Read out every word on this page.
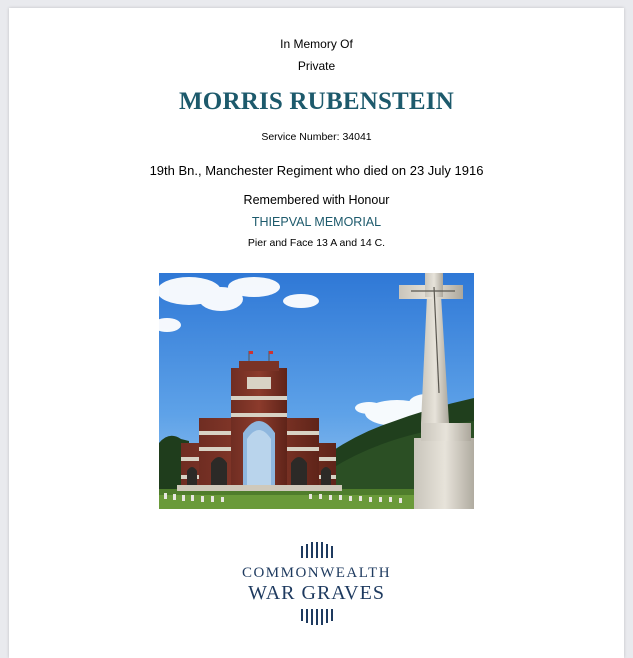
In Memory Of
Private
MORRIS RUBENSTEIN
Service Number: 34041
19th Bn., Manchester Regiment who died on 23 July 1916
Remembered with Honour
THIEPVAL MEMORIAL
Pier and Face 13 A and 14 C.
COMMONWEALTH
WAR GRAVES
